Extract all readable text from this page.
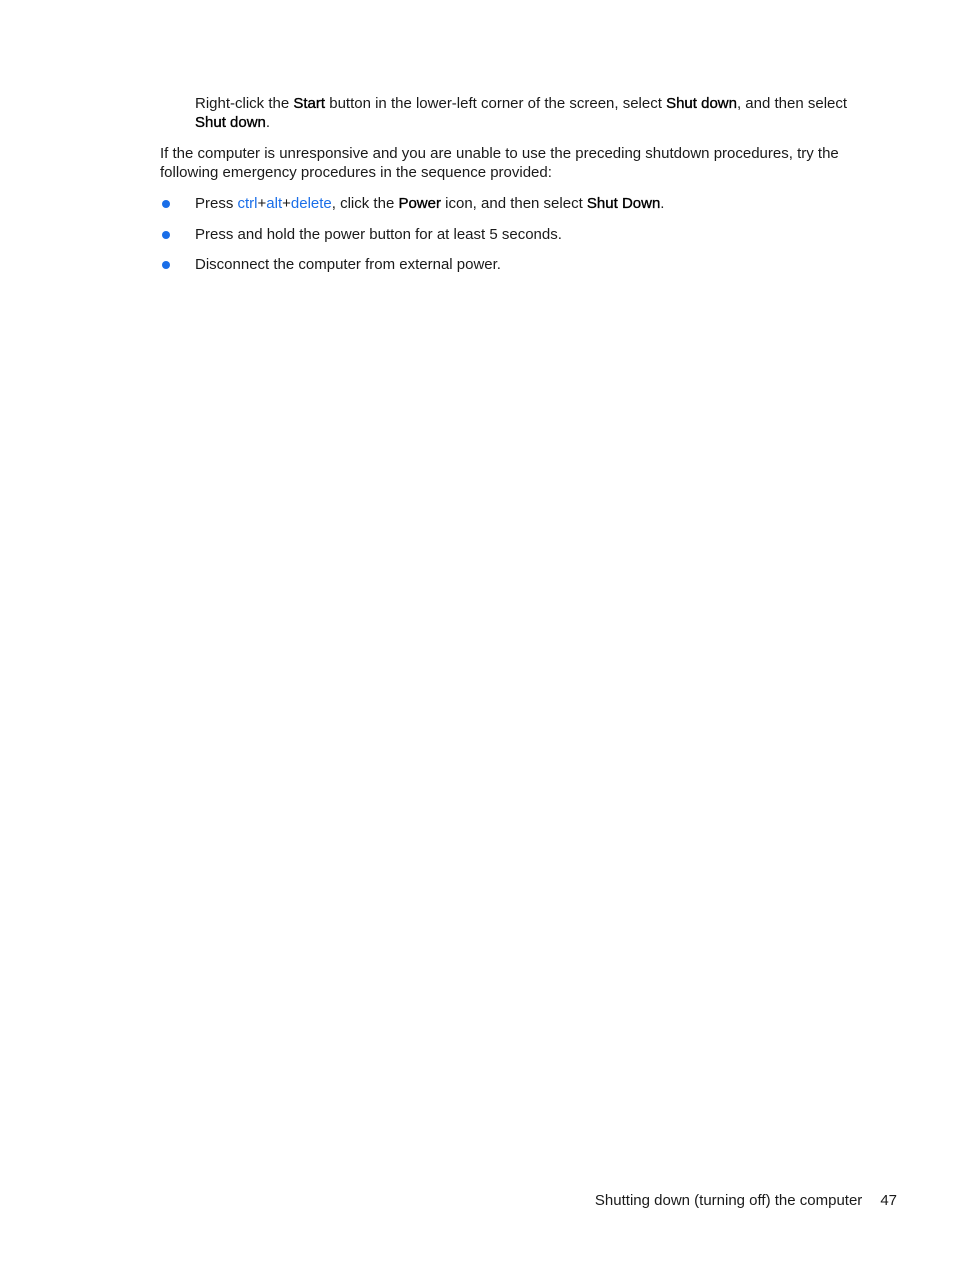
Right-click the Start button in the lower-left corner of the screen, select Shut down, and then select Shut down.

If the computer is unresponsive and you are unable to use the preceding shutdown procedures, try the following emergency procedures in the sequence provided:

Press ctrl+alt+delete, click the Power icon, and then select Shut Down.
Press and hold the power button for at least 5 seconds.
Disconnect the computer from external power.
Shutting down (turning off) the computer 47
